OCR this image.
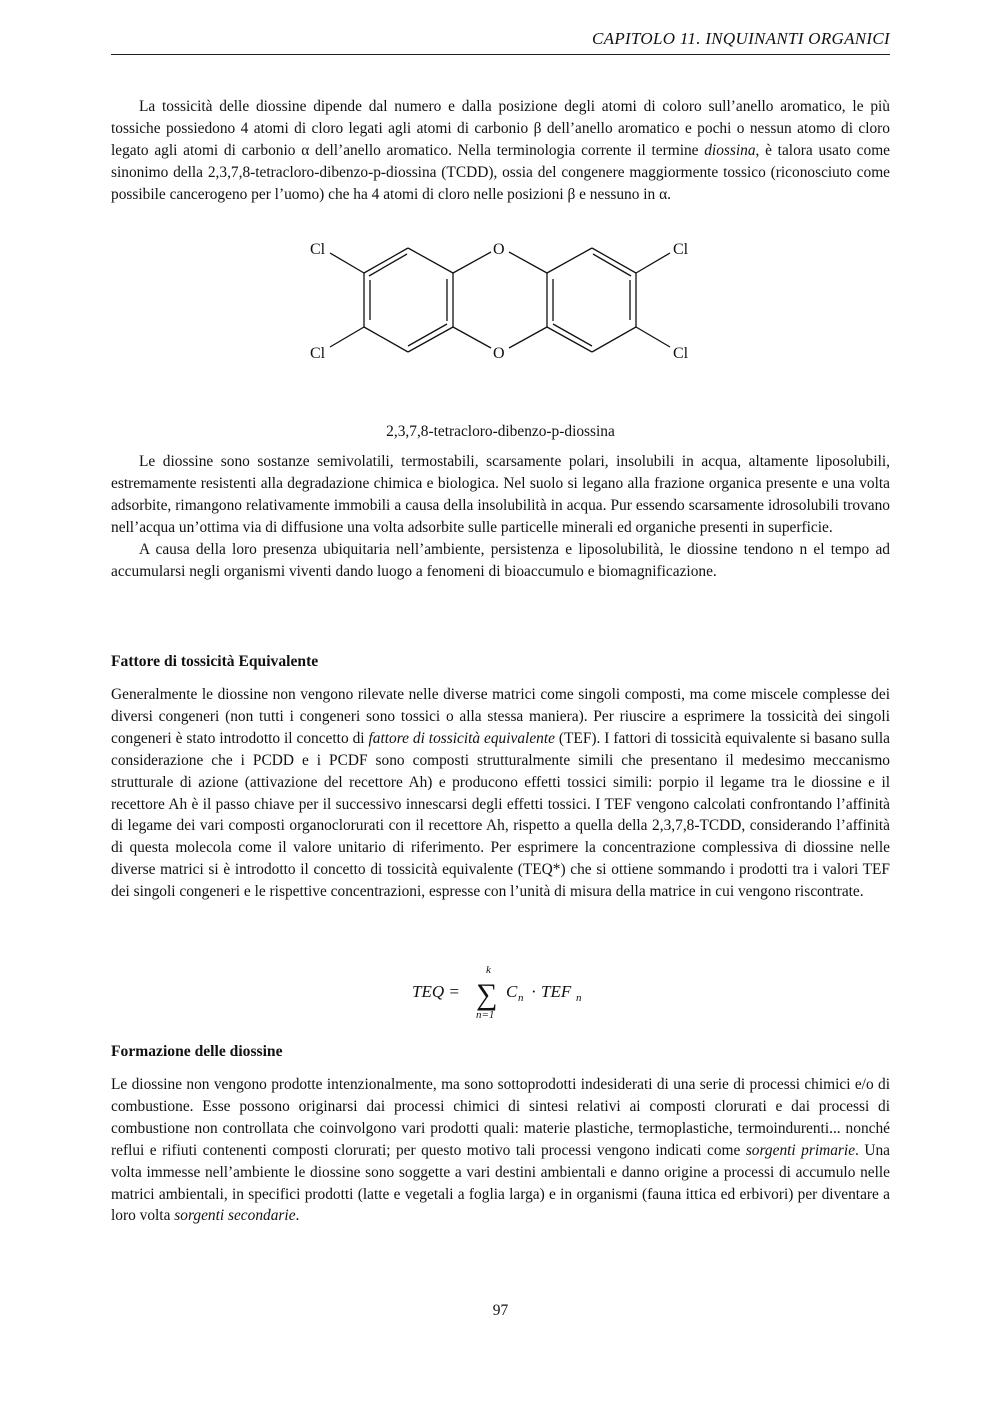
CAPITOLO 11. INQUINANTI ORGANICI

La tossicità delle diossine dipende dal numero e dalla posizione degli atomi di coloro sull’anello aromatico, le più tossiche possiedono 4 atomi di cloro legati agli atomi di carbonio β dell’anello aromatico e pochi o nessun atomo di cloro legato agli atomi di carbonio α dell’anello aromatico. Nella terminologia corrente il termine diossina, è talora usato come sinonimo della 2,3,7,8-tetracloro-dibenzo-p-diossina (TCDD), ossia del congenere maggiormente tossico (riconosciuto come possibile cancerogeno per l’uomo) che ha 4 atomi di cloro nelle posizioni β e nessuno in α.

Cl
Cl
Cl
Cl
O
O
2,3,7,8-tetracloro-dibenzo-p-diossina

Le diossine sono sostanze semivolatili, termostabili, scarsamente polari, insolubili in acqua, altamente liposolubili, estremamente resistenti alla degradazione chimica e biologica. Nel suolo si legano alla frazione organica presente e una volta adsorbite, rimangono relativamente immobili a causa della insolubilità in acqua. Pur essendo scarsamente idrosolubili trovano nell’acqua un’ottima via di diffusione una volta adsorbite sulle particelle minerali ed organiche presenti in superficie.

A causa della loro presenza ubiquitaria nell’ambiente, persistenza e liposolubilità, le diossine tendono n el tempo ad accumularsi negli organismi viventi dando luogo a fenomeni di bioaccumulo e biomagnificazione.

Fattore di tossicità Equivalente

Generalmente le diossine non vengono rilevate nelle diverse matrici come singoli composti, ma come miscele complesse dei diversi congeneri (non tutti i congeneri sono tossici o alla stessa maniera). Per riuscire a esprimere la tossicità dei singoli congeneri è stato introdotto il concetto di fattore di tossicità equivalente (TEF). I fattori di tossicità equivalente si basano sulla considerazione che i PCDD e i PCDF sono composti strutturalmente simili che presentano il medesimo meccanismo strutturale di azione (attivazione del recettore Ah) e producono effetti tossici simili: porpio il legame tra le diossine e il recettore Ah è il passo chiave per il successivo innescarsi degli effetti tossici. I TEF vengono calcolati confrontando l’affinità di legame dei vari composti organoclorurati con il recettore Ah, rispetto a quella della 2,3,7,8-TCDD, considerando l’affinità di questa molecola come il valore unitario di riferimento. Per esprimere la concentrazione complessiva di diossine nelle diverse matrici si è introdotto il concetto di tossicità equivalente (TEQ*) che si ottiene sommando i prodotti tra i valori TEF dei singoli congeneri e le rispettive concentrazioni, espresse con l’unità di misura della matrice in cui vengono riscontrate.

TEQ =
k
∑
n=1
C n · TEF n
Formazione delle diossine

Le diossine non vengono prodotte intenzionalmente, ma sono sottoprodotti indesiderati di una serie di processi chimici e/o di combustione. Esse possono originarsi dai processi chimici di sintesi relativi ai composti clorurati e dai processi di combustione non controllata che coinvolgono vari prodotti quali: materie plastiche, termoplastiche, termoindurenti... nonché reflui e rifiuti contenenti composti clorurati; per questo motivo tali processi vengono indicati come sorgenti primarie. Una volta immesse nell’ambiente le diossine sono soggette a vari destini ambientali e danno origine a processi di accumulo nelle matrici ambientali, in specifici prodotti (latte e vegetali a foglia larga) e in organismi (fauna ittica ed erbivori) per diventare a loro volta sorgenti secondarie.

97
